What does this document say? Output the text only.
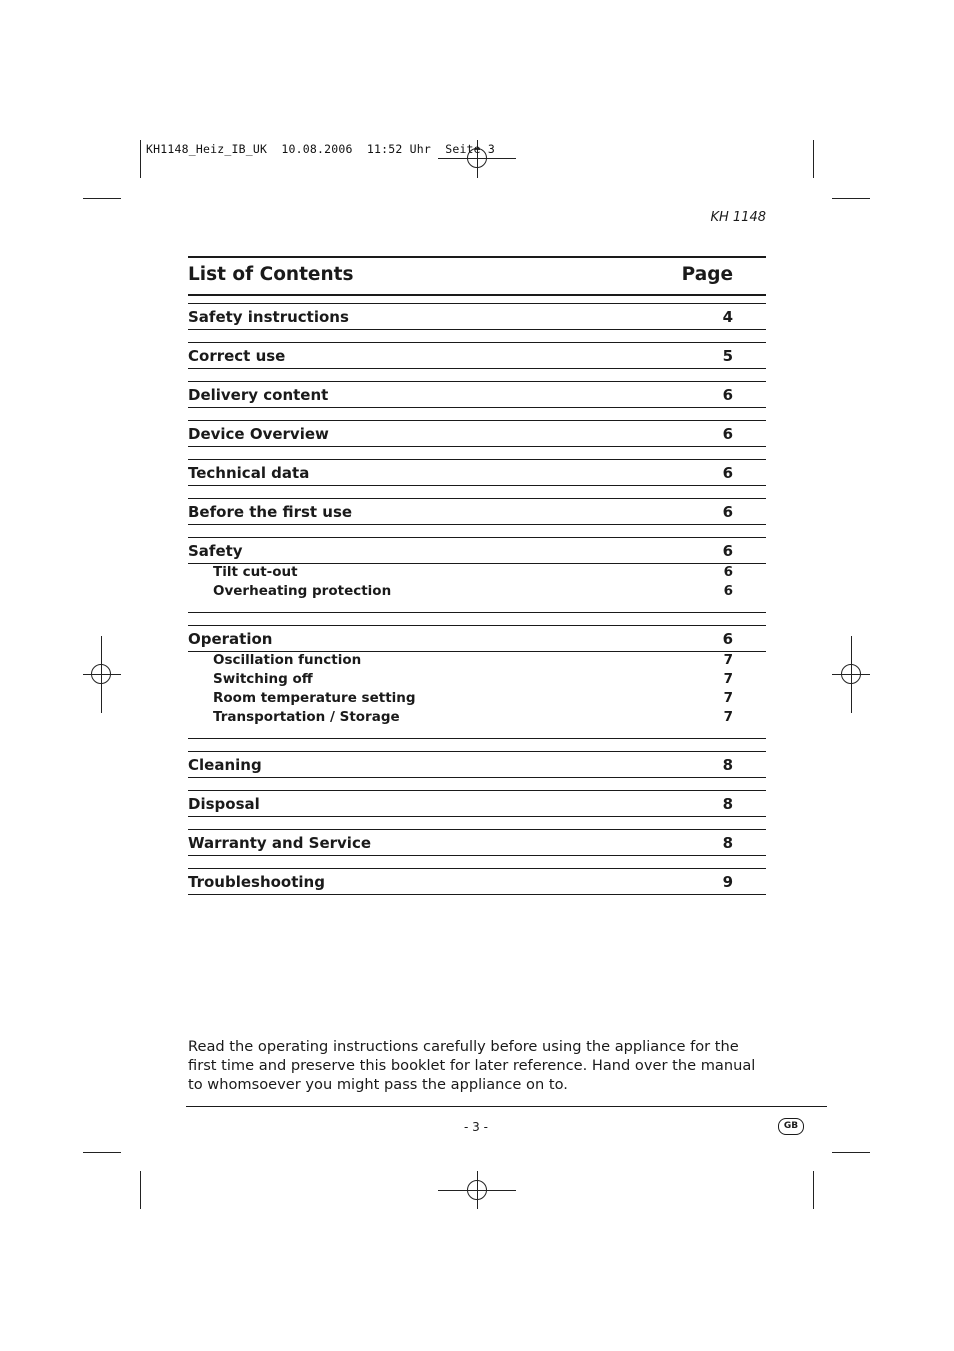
KH1148_Heiz_IB_UK  10.08.2006  11:52 Uhr  Seite 3
KH 1148
List of Contents	Page
Safety instructions	4
Correct use	5
Delivery content	6
Device Overview	6
Technical data	6
Before the first use	6
Safety	6
Tilt cut-out	6
Overheating protection	6
Operation	6
Oscillation function	7
Switching off	7
Room temperature setting	7
Transportation / Storage	7
Cleaning	8
Disposal	8
Warranty and Service	8
Troubleshooting	9
Read the operating instructions carefully before using the appliance for the first time and preserve this booklet for later reference. Hand over the manual to whomsoever you might pass the appliance on to.
- 3 -	GB
